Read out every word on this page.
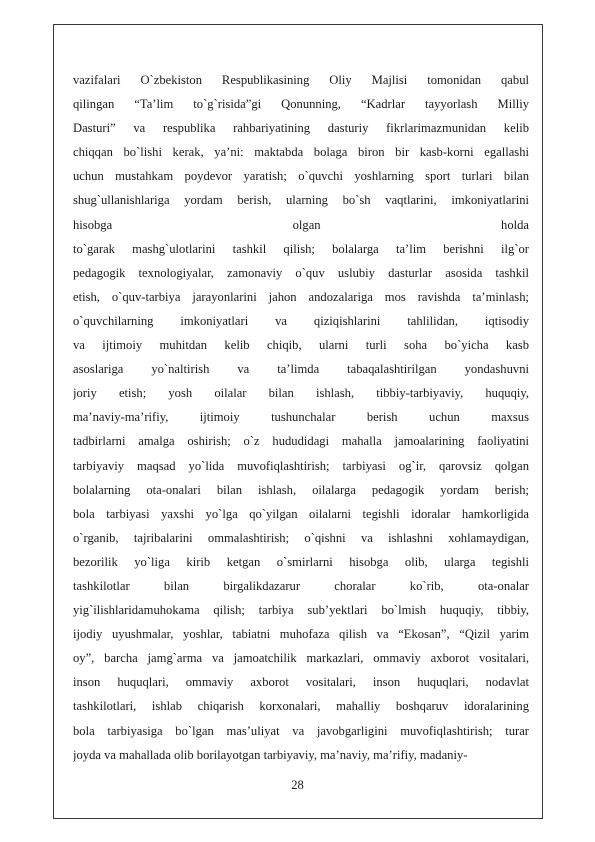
vazifalari O`zbekiston Respublikasining Oliy Majlisi tomonidan qabul
qilingan “Ta’lim to`g`risida”gi Qonunning, “Kadrlar tayyorlash Milliy
Dasturi” va respublika rahbariyatining dasturiy fikrlarimazmunidan kelib
chiqqan bo`lishi kerak, ya’ni: maktabda bolaga biron bir kasb-korni egallashi
uchun mustahkam poydevor yaratish; o`quvchi yoshlarning sport turlari bilan
shug`ullanishlariga yordam berish, ularning bo`sh vaqtlarini, imkoniyatlarini
hisobga olgan holda
to`garak mashg`ulotlarini tashkil qilish; bolalarga ta’lim berishni ilg`or
pedagogik texnologiyalar, zamonaviy o`quv uslubiy dasturlar asosida tashkil
etish, o`quv-tarbiya jarayonlarini jahon andozalariga mos ravishda ta’minlash;
o`quvchilarning imkoniyatlari va qiziqishlarini tahlilidan, iqtisodiy
va ijtimoiy muhitdan kelib chiqib, ularni turli soha bo`yicha kasb
asoslariga yo`naltirish va ta’limda tabaqalashtirilgan yondashuvni
joriy etish; yosh oilalar bilan ishlash, tibbiy-tarbiyaviy, huquqiy,
ma’naviy-ma’rifiy, ijtimoiy tushunchalar berish uchun maxsus
tadbirlarni amalga oshirish; o`z hududidagi mahalla jamoalarining faoliyatini
tarbiyaviy maqsad yo`lida muvofiqlashtirish; tarbiyasi og`ir, qarovsiz qolgan
bolalarning ota-onalari bilan ishlash, oilalarga pedagogik yordam berish;
bola tarbiyasi yaxshi yo`lga qo`yilgan oilalarni tegishli idoralar hamkorligida
o`rganib, tajribalarini ommalashtirish; o`qishni va ishlashni xohlamaydigan,
bezorilik yo`liga kirib ketgan o`smirlarni hisobga olib, ularga tegishli
tashkilotlar bilan birgalikdazarur choralar ko`rib, ota-onalar
yig`ilishlaridamuhokama qilish; tarbiya sub’yektlari bo`lmish huquqiy, tibbiy,
ijodiy uyushmalar, yoshlar, tabiatni muhofaza qilish va “Ekosan”, “Qizil yarim
oy”, barcha jamg`arma va jamoatchilik markazlari, ommaviy axborot vositalari,
inson huquqlari, ommaviy axborot vositalari, inson huquqlari, nodavlat
tashkilotlari, ishlab chiqarish korxonalari, mahalliy boshqaruv idoralarining
bola tarbiyasiga bo`lgan mas’uliyat va javobgarligini muvofiqlashtirish; turar
joyda va mahallada olib borilayotgan tarbiyaviy, ma’naviy, ma’rifiy, madaniy-
28
